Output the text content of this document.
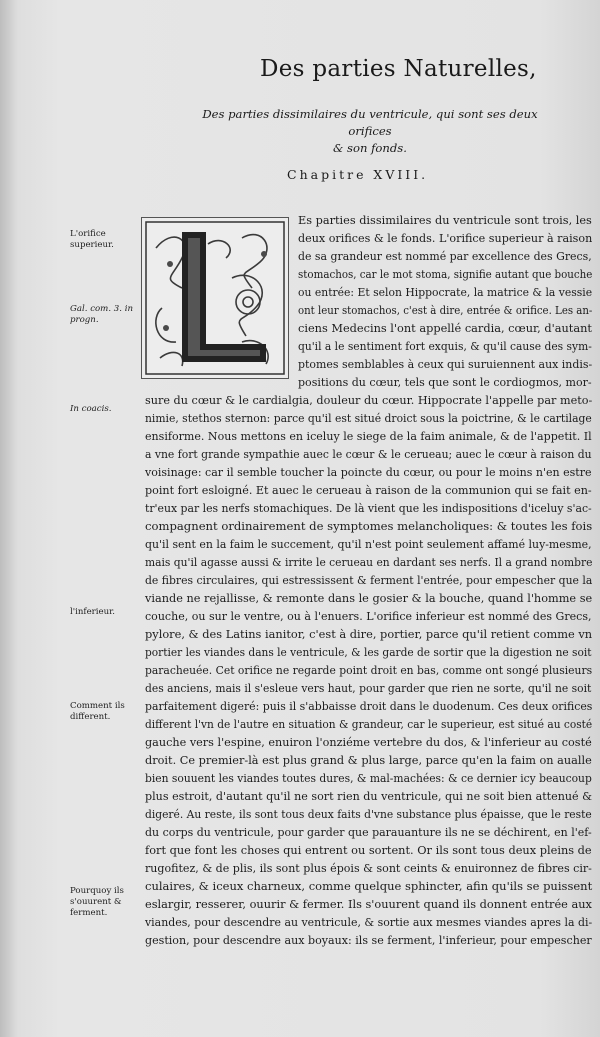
Des parties Naturelles,
Des parties dissimilaires du ventricule, qui sont ses deux orifices
& son fonds.
Chapitre XVIII.
L'orifice superieur.
Gal. com. 3. in progn.
In coacis.
l'inferieur.
Comment ils different.
Pourquoy ils s'ouurent & ferment.
Es parties dissimilaires du ventricule sont trois, les
deux orifices & le fonds. L'orifice superieur à raison
de sa grandeur est nommé par excellence des Grecs,
stomachos, car le mot stoma, signifie autant que bouche
ou entrée: Et selon Hippocrate, la matrice & la vessie
ont leur stomachos, c'est à dire, entrée & orifice. Les an-
ciens Medecins l'ont appellé cardia, cœur, d'autant
qu'il a le sentiment fort exquis, & qu'il cause des sym-
ptomes semblables à ceux qui suruiennent aux indis-
positions du cœur, tels que sont le cordiogmos, mor-
sure du cœur & le cardialgia, douleur du cœur. Hippocrate l'appelle par meto-
nimie, stethos sternon: parce qu'il est situé droict sous la poictrine, & le cartilage
ensiforme. Nous mettons en iceluy le siege de la faim animale, & de l'appetit. Il
a vne fort grande sympathie auec le cœur & le cerueau; auec le cœur à raison du
voisinage: car il semble toucher la poincte du cœur, ou pour le moins n'en estre
point fort esloigné. Et auec le cerueau à raison de la communion qui se fait en-
tr'eux par les nerfs stomachiques. De là vient que les indispositions d'iceluy s'ac-
compagnent ordinairement de symptomes melancholiques: & toutes les fois
qu'il sent en la faim le succement, qu'il n'est point seulement affamé luy-mesme,
mais qu'il agasse aussi & irrite le cerueau en dardant ses nerfs. Il a grand nombre
de fibres circulaires, qui estressissent & ferment l'entrée, pour empescher que la
viande ne rejallisse, & remonte dans le gosier & la bouche, quand l'homme se
couche, ou sur le ventre, ou à l'enuers. L'orifice inferieur est nommé des Grecs,
pylore, & des Latins ianitor, c'est à dire, portier, parce qu'il retient comme vn
portier les viandes dans le ventricule, & les garde de sortir que la digestion ne soit
paracheuée. Cet orifice ne regarde point droit en bas, comme ont songé plusieurs
des anciens, mais il s'esleue vers haut, pour garder que rien ne sorte, qu'il ne soit
parfaitement digeré: puis il s'abbaisse droit dans le duodenum. Ces deux orifices
different l'vn de l'autre en situation & grandeur, car le superieur, est situé au costé
gauche vers l'espine, enuiron l'onziéme vertebre du dos, & l'inferieur au costé
droit. Ce premier-là est plus grand & plus large, parce qu'en la faim on aualle
bien souuent les viandes toutes dures, & mal-machées: & ce dernier icy beaucoup
plus estroit, d'autant qu'il ne sort rien du ventricule, qui ne soit bien attenué &
digeré. Au reste, ils sont tous deux faits d'vne substance plus épaisse, que le reste
du corps du ventricule, pour garder que parauanture ils ne se déchirent, en l'ef-
fort que font les choses qui entrent ou sortent. Or ils sont tous deux pleins de
rugofitez, & de plis, ils sont plus épois & sont ceints & enuironnez de fibres cir-
culaires, & iceux charneux, comme quelque sphincter, afin qu'ils se puissent
eslargir, resserer, ouurir & fermer. Ils s'ouurent quand ils donnent entrée aux
viandes, pour descendre au ventricule, & sortie aux mesmes viandes apres la di-
gestion, pour descendre aux boyaux: ils se ferment, l'inferieur, pour empescher
